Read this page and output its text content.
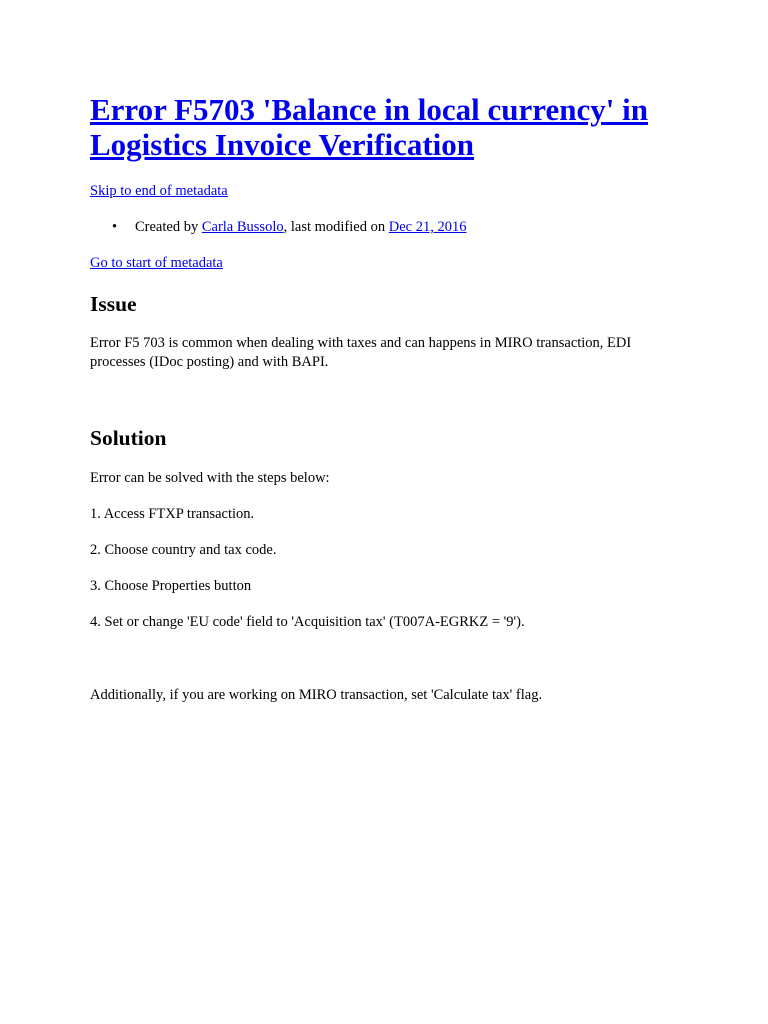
Error F5703 'Balance in local currency' in Logistics Invoice Verification
Skip to end of metadata
• Created by Carla Bussolo, last modified on Dec 21, 2016
Go to start of metadata
Issue

Error F5 703 is common when dealing with taxes and can happens in MIRO transaction, EDI processes (IDoc posting) and with BAPI.

Solution

Error can be solved with the steps below:

1. Access FTXP transaction.

2. Choose country and tax code.

3. Choose Properties button

4. Set or change 'EU code' field to 'Acquisition tax' (T007A-EGRKZ = '9').

Additionally, if you are working on MIRO transaction, set 'Calculate tax' flag.
